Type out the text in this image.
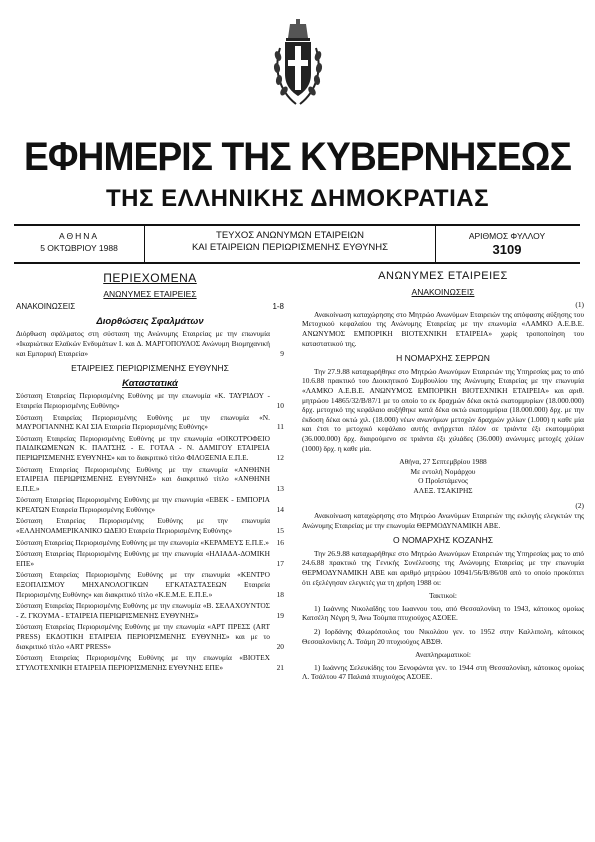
ΕΦΗΜΕΡΙΣ ΤΗΣ ΚΥΒΕΡΝΗΣΕΩΣ
ΤΗΣ ΕΛΛΗΝΙΚΗΣ ΔΗΜΟΚΡΑΤΙΑΣ
ΑΘΗΝΑ
5 ΟΚΤΩΒΡΙΟΥ 1988
ΤΕΥΧΟΣ ΑΝΩΝΥΜΩΝ ΕΤΑΙΡΕΙΩΝ
ΚΑΙ ΕΤΑΙΡΕΙΩΝ ΠΕΡΙΩΡΙΣΜΕΝΗΣ ΕΥΘΥΝΗΣ
ΑΡΙΘΜΟΣ ΦΥΛΛΟΥ
3109
ΠΕΡΙΕΧΟΜΕΝΑ
ΑΝΩΝΥΜΕΣ ΕΤΑΙΡΕΙΕΣ
ΑΝΑΚΟΙΝΩΣΕΙΣ	1-8
Διορθώσεις Σφαλμάτων
Διόρθωση σφάλματος στη σύσταση της Ανώνυμης Εταιρείας με την επωνυμία «Ικαριώτικα Ελαϊκών Ενδυμάτων Ι. και Δ. ΜΑΡΓΟΠΟΥΛΟΣ Ανώνυμη Βιομηχανική και Εμπορική Εταιρεία»	9
ΕΤΑΙΡΕΙΕΣ ΠΕΡΙΩΡΙΣΜΕΝΗΣ ΕΥΘΥΝΗΣ
Καταστατικά
Σύσταση Εταιρείας Περιορισμένης Ευθύνης με την επωνυμία «Κ. ΤΑΥΡΙΔΟΥ - Εταιρεία Περιορισμένης Ευθύνης»	10
Σύσταση Εταιρείας Περιορισμένης Ευθύνης με την επωνυμία «Ν. ΜΑΥΡΟΓΙΑΝΝΗΣ ΚΑΙ ΣΙΑ Εταιρεία Περιορισμένης Ευθύνης»	11
Σύσταση Εταιρείας Περιορισμένης Ευθύνης με την επωνυμία «ΟΙΚΟΤΡΟΦΕΙΟ ΠΑΙΔΙΚΩΜΕΝΩΝ Κ. ΠΑΛΤΣΗΣ - Ε. ΓΟΤΑΑ - Ν. ΔΑΜΙΓΟΥ ΕΤΑΙΡΕΙΑ ΠΕΡΙΩΡΙΣΜΕΝΗΣ ΕΥΘΥΝΗΣ» και το διακριτικό τίτλο ΦΙΛΟΞΕΝΙΑ Ε.Π.Ε.	12
Σύσταση Εταιρείας Περιορισμένης Ευθύνης με την επωνυμία «ΑΝΘΗΝΗ ΕΤΑΙΡΕΙΑ ΠΕΡΙΩΡΙΣΜΕΝΗΣ ΕΥΘΥΝΗΣ» και διακριτικό τίτλο «ΑΝΘΗΝΗ Ε.Π.Ε.»	13
Σύσταση Εταιρείας Περιορισμένης Ευθύνης με την επωνυμία «ΕΒΕΚ - ΕΜΠΟΡΙΑ ΚΡΕΑΤΩΝ Εταιρεία Περιορισμένης Ευθύνης»	14
Σύσταση Εταιρείας Περιορισμένης Ευθύνης με την επωνυμία «ΕΛΛΗΝΟΑΜΕΡΙΚΑΝΙΚΟ ΩΔΕΙΟ Εταιρεία Περιορισμένης Ευθύνης»	15
Σύσταση Εταιρείας Περιορισμένης Ευθύνης με την επωνυμία «ΚΕΡΑΜΕΥΣ Ε.Π.Ε.» 16
Σύσταση Εταιρείας Περιορισμένης Ευθύνης με την επωνυμία «ΗΛΙΑΔΑ-ΔΟΜΙΚΗ ΕΠΕ»	17
Σύσταση Εταιρείας Περιορισμένης Ευθύνης με την επωνυμία «ΚΕΝΤΡΟ ΕΞΟΠΛΙΣΜΟΥ ΜΗΧΑΝΟΛΟΓΙΚΩΝ ΕΓΚΑΤΑΣΤΑΣΕΩΝ Εταιρεία Περιορισμένης Ευθύνης» και διακριτικό τίτλο «Κ.Ε.Μ.Ε. Ε.Π.Ε.»	18
Σύσταση Εταιρείας Περιορισμένης Ευθύνης με την επωνυμία «Β. ΣΕΛΑΧΟΥΝΤΟΣ - Ζ. ΓΚΟΥΜΑ - ΕΤΑΙΡΕΙΑ ΠΕΡΙΩΡΙΣΜΕΝΗΣ ΕΥΘΥΝΗΣ»	19
Σύσταση Εταιρείας Περιορισμένης Ευθύνης με την επωνυμία «ΑΡΤ ΠΡΕΣΣ (ΑRT PRESS) ΕΚΔΟΤΙΚΗ ΕΤΑΙΡΕΙΑ ΠΕΡΙΟΡΙΣΜΕΝΗΣ ΕΥΘΥΝΗΣ» και με το διακριτικό τίτλο «ΑRT PRESS»	20
Σύσταση Εταιρείας Περιορισμένης Ευθύνης με την επωνυμία «ΒΙΟΤΕΧ ΣΤΥΛΟΤΕΧΝΙΚΗ ΕΤΑΙΡΕΙΑ ΠΕΡΙΟΡΙΣΜΕΝΗΣ ΕΥΘΥΝΗΣ ΕΠΕ»	21
ΑΝΩΝΥΜΕΣ ΕΤΑΙΡΕΙΕΣ
ΑΝΑΚΟΙΝΩΣΕΙΣ
(1)

Ανακοίνωση καταχώρησης στο Μητρώο Ανωνύμων Εταιρειών της απόφασης αύξησης του Μετοχικού κεφαλαίου της Ανώνυμης Εταιρείας με την επωνυμία «ΛΑΜΚΟ Α.Ε.Β.Ε. ΑΝΩΝΥΜΟΣ ΕΜΠΟΡΙΚΗ ΒΙΟΤΕΧΝΙΚΗ ΕΤΑΙΡΕΙΑ» χωρίς τροποποίηση του καταστατικού της.

Η ΝΟΜΑΡΧΗΣ ΣΕΡΡΩΝ

Την 27.9.88 καταχωρήθηκε στο Μητρώο Ανωνύμων Εταιρειών της Υπηρεσίας μας το από 10.6.88 πρακτικό του Διοικητικού Συμβουλίου της Ανώνυμης Εταιρείας με την επωνυμία «ΛΑΜΚΟ Α.Ε.Β.Ε. ΑΝΩΝΥΜΟΣ ΕΜΠΟΡΙΚΗ ΒΙΟΤΕΧΝΙΚΗ ΕΤΑΙΡΕΙΑ» και αριθ. μητρώου 14865/32/Β/87/1 με το οποίο το εκ δραχμών δέκα οκτώ εκατομμυρίων (18.000.000) δρχ. μετοχικό της κεφάλαιο αυξήθηκε κατά δέκα οκτώ εκατομμύρια (18.000.000) δρχ. με την έκδοση δέκα οκτώ χιλ. (18.000) νέων ανωνύμων μετοχών δραχμών χιλίων (1.000) η καθε μία και έτσι το μετοχικό κεφάλαιο αυτής ανήρχεται πλέον σε τριάντα έξι εκατομμύρια (36.000.000) δρχ. διαιρούμενο σε τριάντα έξι χιλιάδες (36.000) ανώνυμες μετοχές χιλίων (1000) δρχ. η καθε μία.

Αθήνα, 27 Σεπτεμβρίου 1988
Με εντολή Νομάρχου
Ο Προϊστάμενος
ΑΛΕΞ. ΤΣΑΚΙΡΗΣ
(2)

Ανακοίνωση καταχώρησης στο Μητρώο Ανωνύμων Εταιρειών της εκλογής ελεγκτών της Ανώνυμης Εταιρείας με την επωνυμία ΘΕΡΜΟΔΥΝΑΜΙΚΗ ΑΒΕ.

Ο ΝΟΜΑΡΧΗΣ ΚΟΖΑΝΗΣ

Την 26.9.88 καταχωρήθηκε στο Μητρώο Ανωνύμων Εταιρειών της Υπηρεσίας μας το από 24.6.88 πρακτικό της Γενικής Συνέλευσης της Ανώνυμης Εταιρείας με την επωνυμία ΘΕΡΜΟΔΥΝΑΜΙΚΗ ΑΒΕ και αριθμό μητρώου 10941/56/Β/86/08 από το οποίο προκύπτει ότι εξελέγησαν ελεγκτές για τη χρήση 1988 οι:

Τακτικοί:

1) Ιωάννης Νικολαΐδης του Ιωαννου του, από Θεσσαλονίκη το 1943, κάτοικος ομοίως Κατσέλη Νέγρη 9, Άνω Τούμπα πτυχιούχος ΑΣΟΕΕ.

2) Ιορδάνης Φλωρόπουλος του Νικολάου γεν. το 1952 στην Καλλιπολη, κάτοικος Θεσσαλονίκης Λ. Τσάμη 20 πτυχιούχος ΑΒΣΘ.

Αναπληρωματικοί:

1) Ιωάννης Σελευκίδης του Ξενοφώντα γεν. το 1944 στη Θεσσαλονίκη, κάτοικος ομοίως Λ. Τσάλτου 47 Παλαιά πτυχιούχος ΑΣΟΕΕ.
